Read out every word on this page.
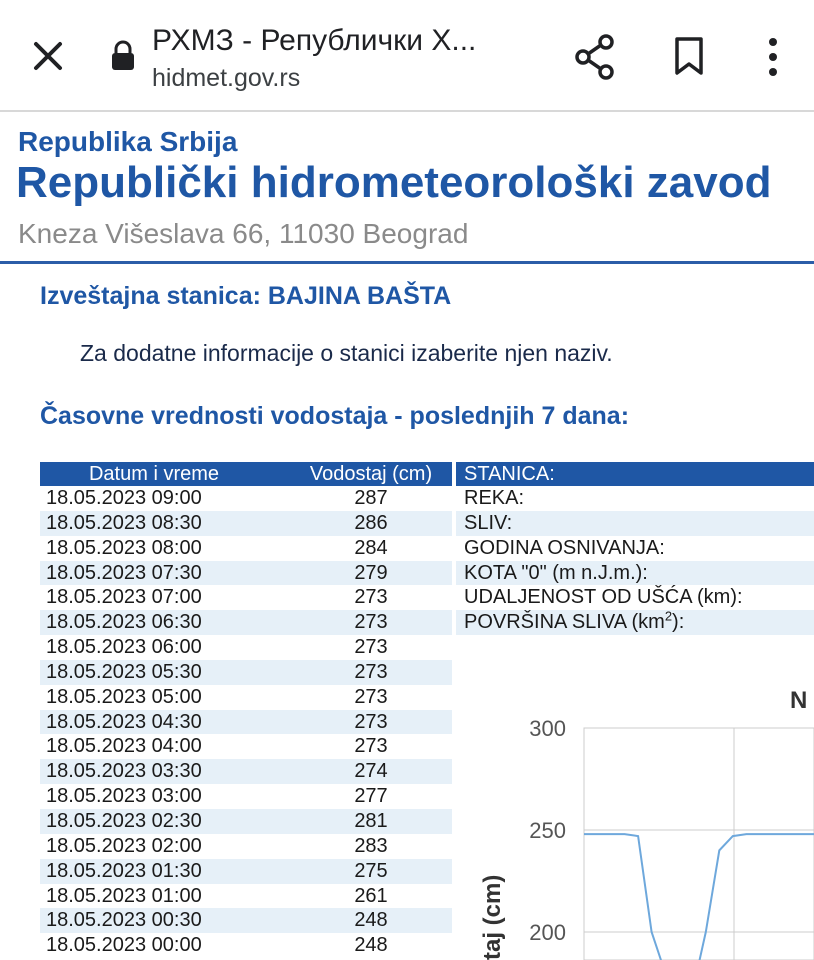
РХМЗ - Републички Х...
hidmet.gov.rs
Republika Srbija
Republički hidrometeorološki zavod
Kneza Višeslava 66, 11030 Beograd
Izveštajna stanica: BAJINA BAŠTA
Za dodatne informacije o stanici izaberite njen naziv.
Časovne vrednosti vodostaja - poslednjih 7 dana:
Datum i vreme	Vodostaj (cm)	STANICA:
18.05.2023 09:00	287
18.05.2023 08:30	286
18.05.2023 08:00	284
18.05.2023 07:30	279
18.05.2023 07:00	273
18.05.2023 06:30	273
18.05.2023 06:00	273
18.05.2023 05:30	273
18.05.2023 05:00	273
18.05.2023 04:30	273
18.05.2023 04:00	273
18.05.2023 03:30	274
18.05.2023 03:00	277
18.05.2023 02:30	281
18.05.2023 02:00	283
18.05.2023 01:30	275
18.05.2023 01:00	261
18.05.2023 00:30	248
18.05.2023 00:00	248
REKA:
SLIV:
GODINA OSNIVANJA:
KOTA "0" (m n.J.m.):
UDALJENOST OD UŠĆA (km):
POVRŠINA SLIVA $(km^2)$:
N
300
250
200
taj (cm)
